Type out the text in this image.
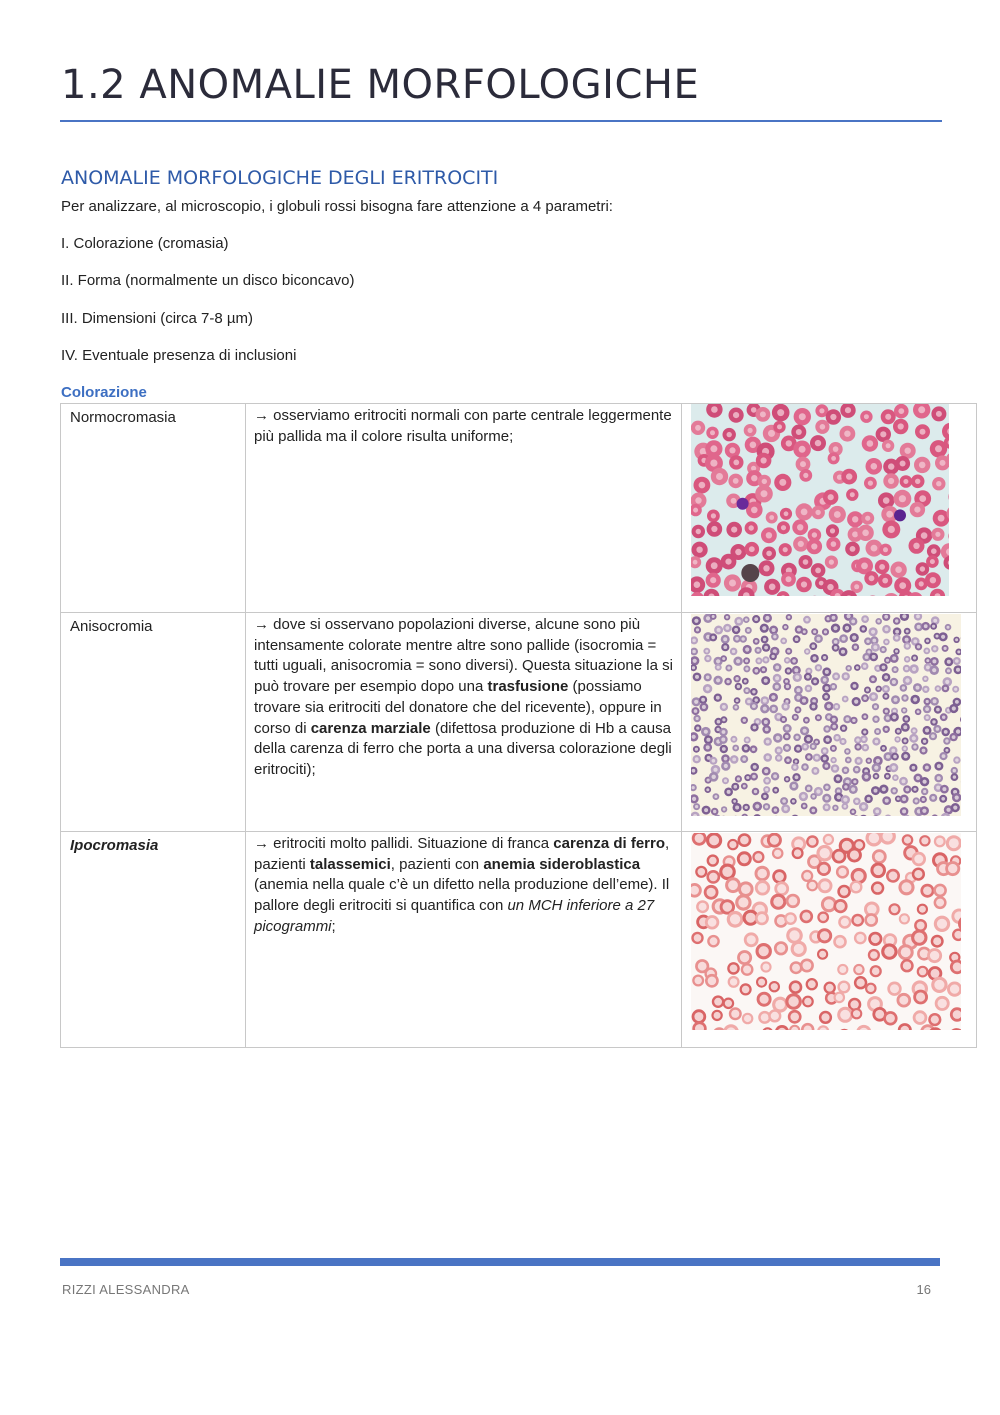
1.2 ANOMALIE MORFOLOGICHE
ANOMALIE MORFOLOGICHE DEGLI ERITROCITI

Per analizzare, al microscopio, i globuli rossi bisogna fare attenzione a 4 parametri:

I. Colorazione (cromasia)

II. Forma (normalmente un disco biconcavo)

III. Dimensioni (circa 7-8 µm)

IV. Eventuale presenza di inclusioni

Colorazione

Normocromasia	→ osserviamo eritrociti normali con parte centrale leggermente più pallida ma il colore risulta uniforme;	

Anisocromia	→ dove si osservano popolazioni diverse, alcune sono più intensamente colorate mentre altre sono pallide (isocromia = tutti uguali, anisocromia = sono diversi). Questa situazione la si può trovare per esempio dopo una trasfusione (possiamo trovare sia eritrociti del donatore che del ricevente), oppure in corso di carenza marziale (difettosa produzione di Hb a causa della carenza di ferro che porta a una diversa colorazione degli eritrociti);	

Ipocromasia	→ eritrociti molto pallidi. Situazione di franca carenza di ferro, pazienti talassemici, pazienti con anemia sideroblastica (anemia nella quale c’è un difetto nella produzione dell’eme). Il pallore degli eritrociti si quantifica con un MCH inferiore a 27 picogrammi;	
RIZZI ALESSANDRA	16
